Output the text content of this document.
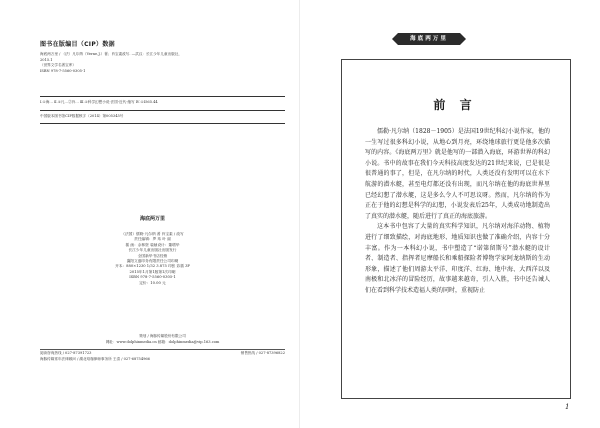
图书在版编目（CIP）数据
海底两万里 / （法）凡尔纳（Verne,J.）著；肖宝素改写. —武汉：长江少年儿童出版社，
2015.1
（世界文学名著宝库）
ISBN 978-7-5560-0305-1
Ⅰ.①海… Ⅱ.①凡…②肖… Ⅲ.①科学幻想小说-法国-近代-缩写 Ⅳ.①I565.44
中国版本图书馆CIP数据核字（2014）第005345号
海底两万里
（法国）儒勒·凡尔纳 著 肖宝素 / 改写
责任编辑：罗 玮 叶 丽
插 画：余林资 装帧设计：董增华
长江少年儿童出版社出版发行
全国新华书店经销
襄阳文盛印务有限责任公司印刷
开本：880×1230 1/32 3.875 印张 彩插 3P
2015年1月第1版第1次印刷
ISBN 978-7-5560-0305-1
定价：10.00 元
策划 / 海豚传媒股份有限公司
网址：www.dolphinmedia.cn 邮箱：dolphinmedia@vip.163.com
阅读咨询热线 / 027-87391723	销售热线 / 027-87396822
海豚传媒常年法律顾问 / 湖北珞珈律师事务所 王清 / 027-68754966
海底两万里
前 言

儒勒·凡尔纳（1828－1905）是法国19世纪科幻小说作家，他的一生写过很多科幻小说，从地心到月亮，环绕地球旅行更是他多次描写的内容。《海底两万里》就是他写的一部潜入海底，环游世界的科幻小说。书中的故事在我们今天科技高度发达的21世纪来说，已是很是很普通的事了，但是，在凡尔纳的时代，人类还没有发明可以在水下航游的潜水艇，甚至电灯都还没有出现，而凡尔纳在他的海底世界里已经幻想了潜水艇，这是多么令人不可思议呀。然而，凡尔纳的作为正在于他的幻想是科学的幻想，小说发表后25年，人类成功地制造出了真实的潜水艇，随后进行了真正的海底旅游。

这本书中包容了大量的真实科学知识，凡尔纳对海洋动物、植物进行了细致描绘，对海底地形、地质知识也做了准确介绍，内容十分丰富。作为一本科幻小说，书中塑造了“诺第留斯号”潜水艇的设计者、制造者、指挥者尼摩船长和乘船探险者博物学家阿龙纳斯的生动形象，描述了他们周游太平洋、印度洋、红海、地中海、大西洋以及南极和北冰洋的冒险经历，故事越来越奇，引人入胜，书中还告诫人们在看到科学技术造福人类的同时，重视防止

1
